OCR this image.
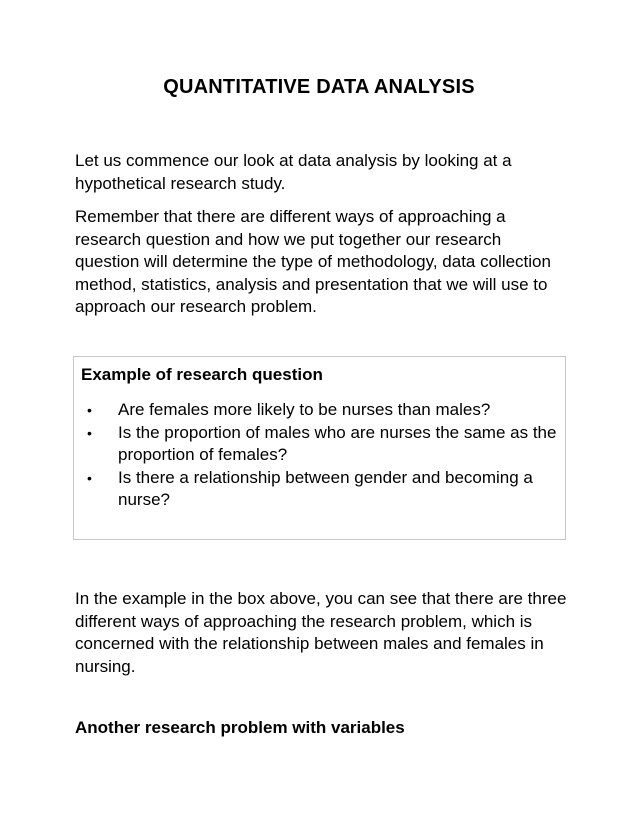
QUANTITATIVE DATA ANALYSIS

Let us commence our look at data analysis by looking at a hypothetical research study.

Remember that there are different ways of approaching a research question and how we put together our research question will determine the type of methodology, data collection method, statistics, analysis and presentation that we will use to approach our research problem.

Example of research question

• Are females more likely to be nurses than males?
• Is the proportion of males who are nurses the same as the proportion of females?
• Is there a relationship between gender and becoming a nurse?

In the example in the box above, you can see that there are three different ways of approaching the research problem, which is concerned with the relationship between males and females in nursing.

Another research problem with variables
